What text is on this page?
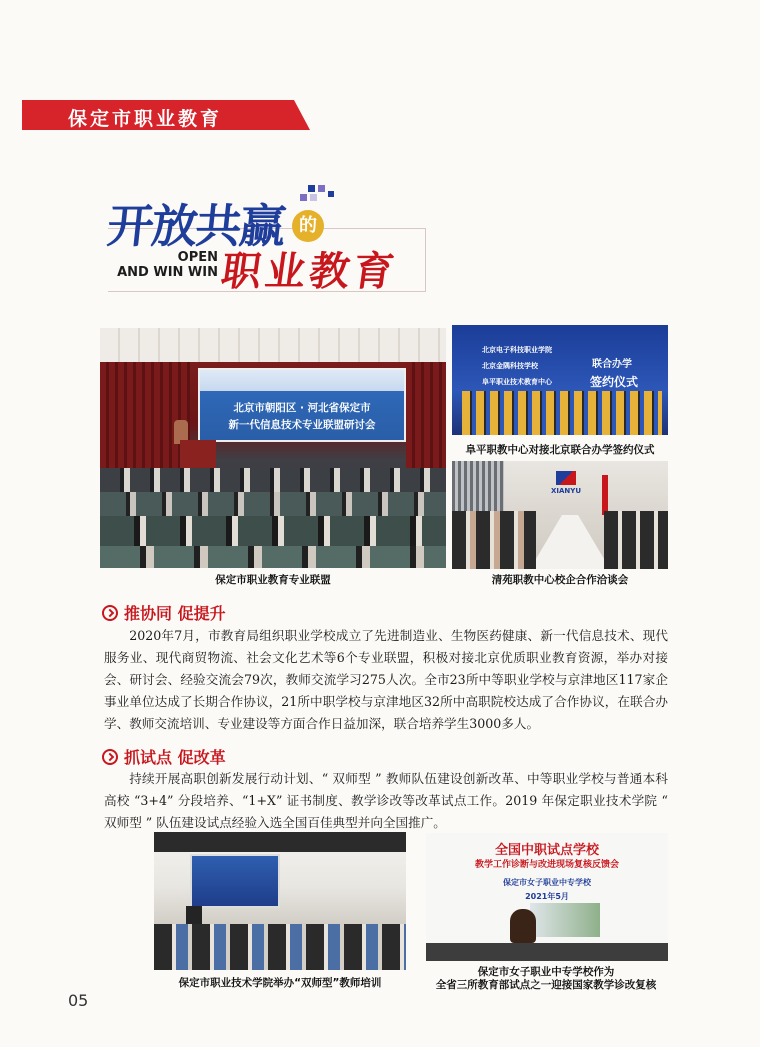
保定市职业教育
开放共赢 的
OPEN
AND WIN WIN 职业教育
北京市朝阳区 · 河北省保定市
新一代信息技术专业联盟研讨会
保定市职业教育专业联盟
北京电子科技职业学院
北京金隅科技学校
阜平职业技术教育中心
联合办学
签约仪式
阜平职教中心对接北京联合办学签约仪式
XIANYU
清苑职教中心校企合作洽谈会
推协同 促提升
2020年7月，市教育局组织职业学校成立了先进制造业、生物医药健康、新一代信息技术、现代服务业、现代商贸物流、社会文化艺术等6个专业联盟，积极对接北京优质职业教育资源，举办对接会、研讨会、经验交流会79次，教师交流学习275人次。全市23所中等职业学校与京津地区117家企事业单位达成了长期合作协议，21所中职学校与京津地区32所中高职院校达成了合作协议，在联合办学、教师交流培训、专业建设等方面合作日益加深，联合培养学生3000多人。
抓试点 促改革
持续开展高职创新发展行动计划、“ 双师型 ” 教师队伍建设创新改革、中等职业学校与普通本科高校 “3+4” 分段培养、“1+X” 证书制度、教学诊改等改革试点工作。2019 年保定职业技术学院 “ 双师型 ” 队伍建设试点经验入选全国百佳典型并向全国推广。
保定市职业技术学院举办“双师型”教师培训
全国中职试点学校
教学工作诊断与改进现场复核反馈会
保定市女子职业中专学校
2021年5月
保定市女子职业中专学校作为
全省三所教育部试点之一迎接国家教学诊改复核
05
